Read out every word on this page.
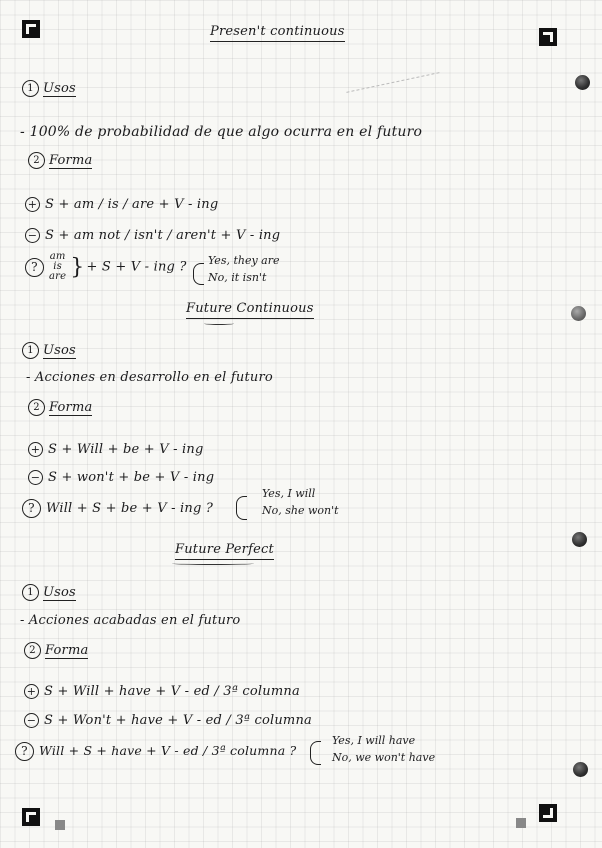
Presen't continuous
1 Usos
- 100% de probabilidad de que algo ocurra en el futuro
2 Forma
+ S + am / is / are + V - ing
− S + am not / isn't / aren't + V - ing
?
am
is
are } + S + V - ing ? Yes, they are
No, it isn't
Future Continuous
1 Usos
- Acciones en desarrollo en el futuro
2 Forma
+ S + Will + be + V - ing
− S + won't + be + V - ing
? Will + S + be + V - ing ?
Yes, I will
No, she won't
Future Perfect
1 Usos
- Acciones acabadas en el futuro
2 Forma
+ S + Will + have + V - ed / 3ª columna
− S + Won't + have + V - ed / 3ª columna
? Will + S + have + V - ed / 3ª columna ?
Yes, I will have
No, we won't have
